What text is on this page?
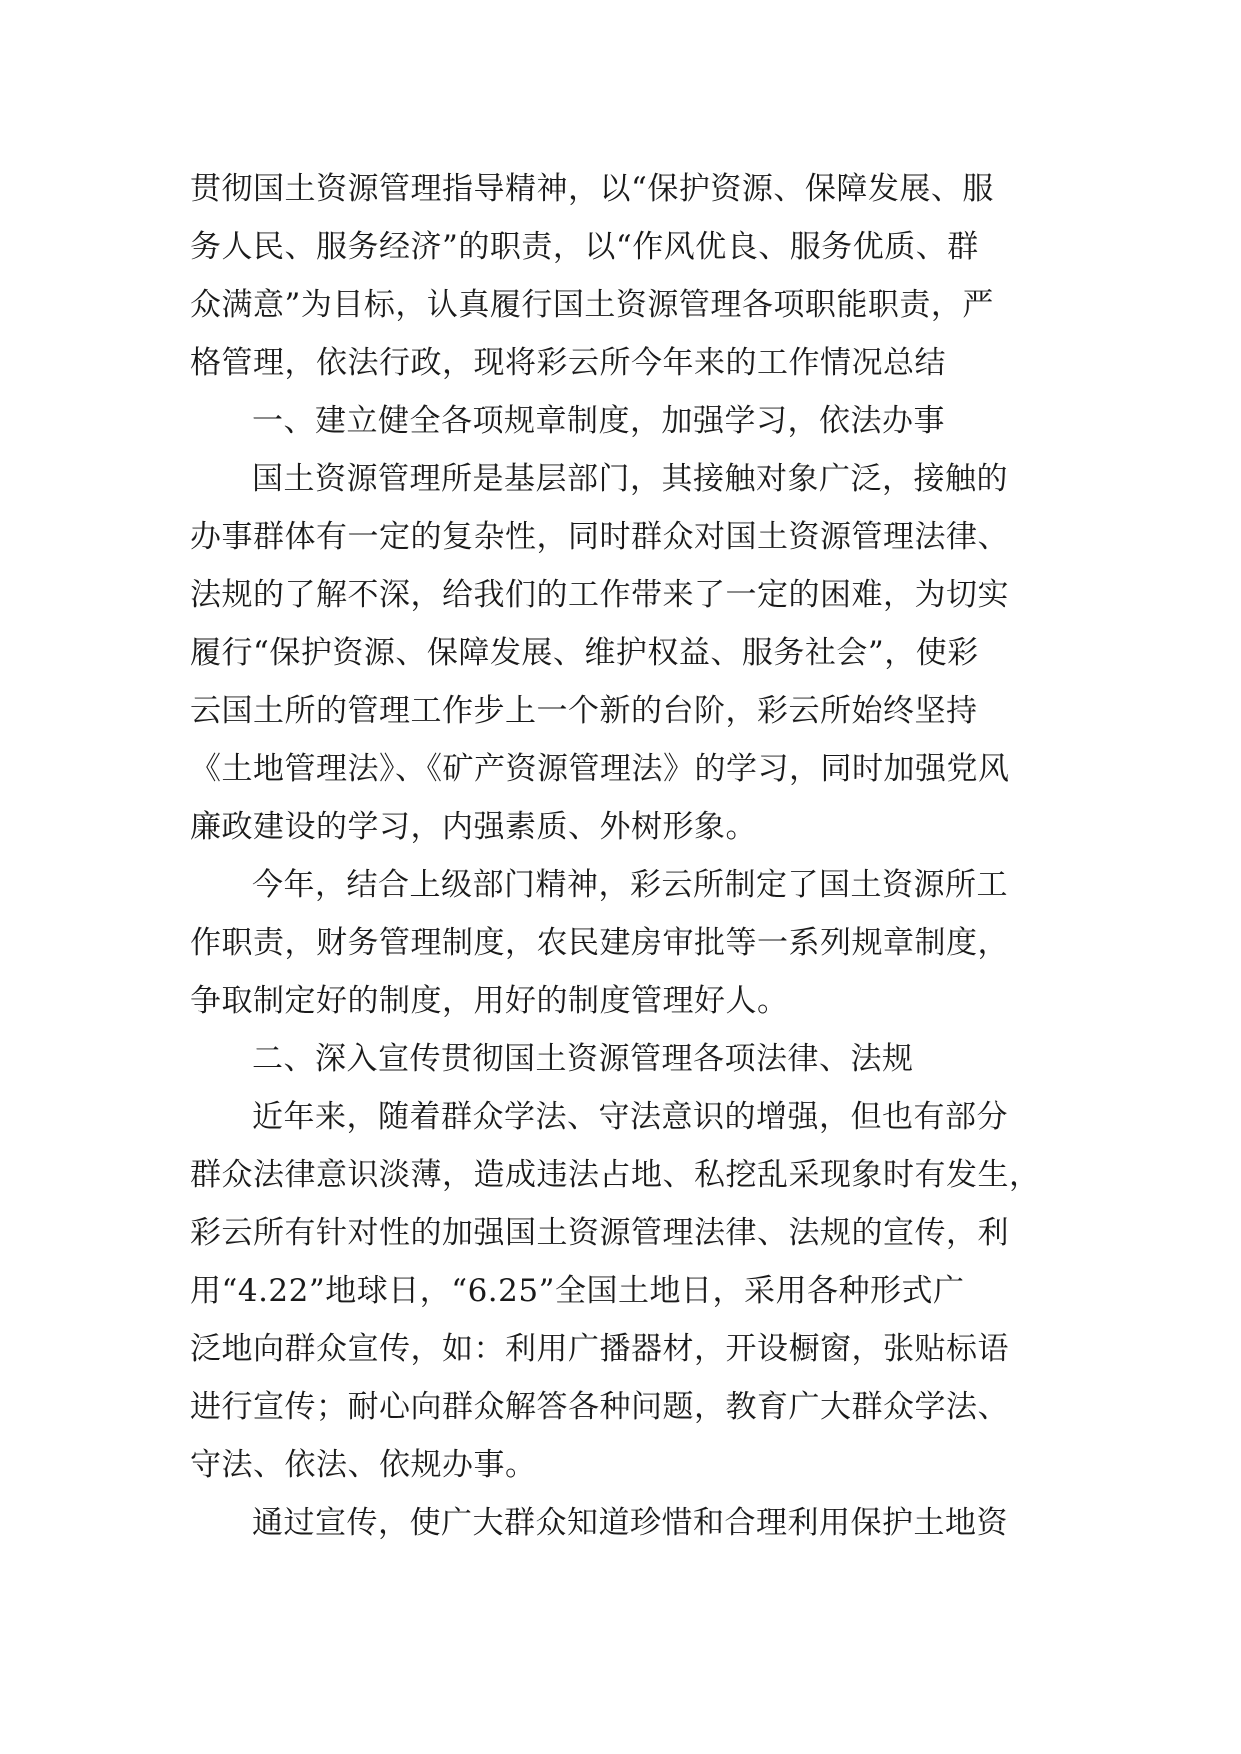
贯彻国土资源管理指导精神，以“保护资源、保障发展、服
务人民、服务经济”的职责，以“作风优良、服务优质、群
众满意”为目标，认真履行国土资源管理各项职能职责，严
格管理，依法行政，现将彩云所今年来的工作情况总结
一、建立健全各项规章制度，加强学习，依法办事
国土资源管理所是基层部门，其接触对象广泛，接触的
办事群体有一定的复杂性，同时群众对国土资源管理法律、
法规的了解不深，给我们的工作带来了一定的困难，为切实
履行“保护资源、保障发展、维护权益、服务社会”，使彩
云国土所的管理工作步上一个新的台阶，彩云所始终坚持
《土地管理法》、《矿产资源管理法》的学习，同时加强党风
廉政建设的学习，内强素质、外树形象。
今年，结合上级部门精神，彩云所制定了国土资源所工
作职责，财务管理制度，农民建房审批等一系列规章制度，
争取制定好的制度，用好的制度管理好人。
二、深入宣传贯彻国土资源管理各项法律、法规
近年来，随着群众学法、守法意识的增强，但也有部分
群众法律意识淡薄，造成违法占地、私挖乱采现象时有发生，
彩云所有针对性的加强国土资源管理法律、法规的宣传，利
用“4.22”地球日，“6.25”全国土地日，采用各种形式广
泛地向群众宣传，如：利用广播器材，开设橱窗，张贴标语
进行宣传；耐心向群众解答各种问题，教育广大群众学法、
守法、依法、依规办事。
通过宣传，使广大群众知道珍惜和合理利用保护土地资
